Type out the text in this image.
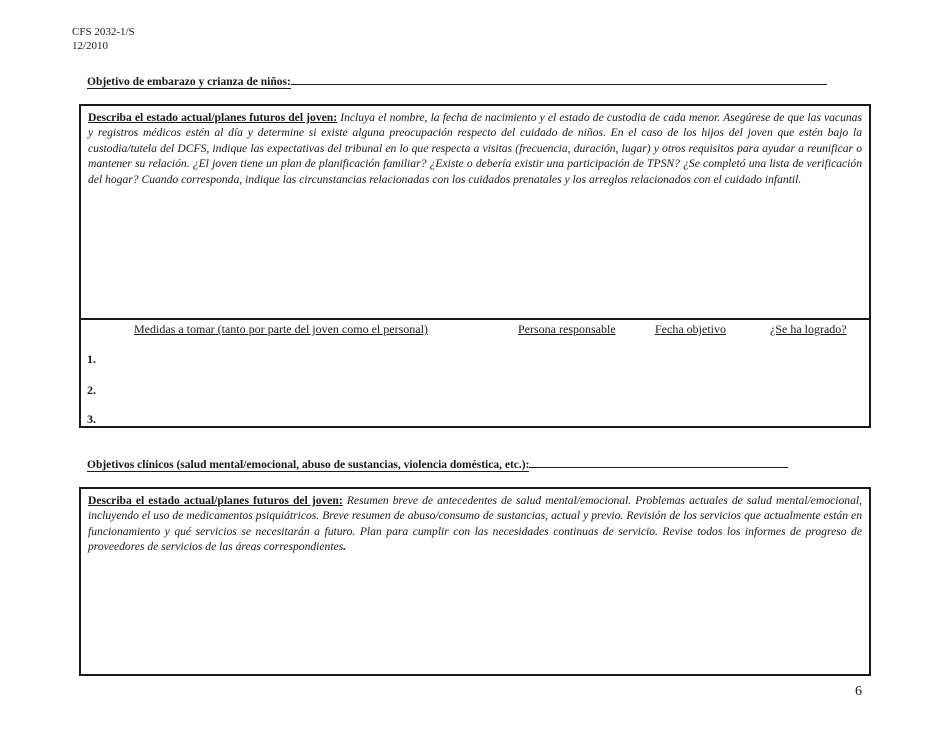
CFS 2032-1/S
12/2010
Objetivo de embarazo y crianza de niños:
Describa el estado actual/planes futuros del joven: Incluya el nombre, la fecha de nacimiento y el estado de custodia de cada menor. Asegúrese de que las vacunas y registros médicos estén al día y determine si existe alguna preocupación respecto del cuidado de niños. En el caso de los hijos del joven que estén bajo la custodia/tutela del DCFS, indique las expectativas del tribunal en lo que respecta a visitas (frecuencia, duración, lugar) y otros requisitos para ayudar a reunificar o mantener su relación. ¿El joven tiene un plan de planificación familiar? ¿Existe o debería existir una participación de TPSN? ¿Se completó una lista de verificación del hogar? Cuando corresponda, indique las circunstancias relacionadas con los cuidados prenatales y los arreglos relacionados con el cuidado infantil.
Medidas a tomar (tanto por parte del joven como el personal)	Persona responsable	Fecha objetivo	¿Se ha logrado?
1.
2.
3.
Objetivos clínicos (salud mental/emocional, abuso de sustancias, violencia doméstica, etc.):
Describa el estado actual/planes futuros del joven: Resumen breve de antecedentes de salud mental/emocional. Problemas actuales de salud mental/emocional, incluyendo el uso de medicamentos psiquiátricos. Breve resumen de abuso/consumo de sustancias, actual y previo. Revisión de los servicios que actualmente están en funcionamiento y qué servicios se necesitarán a futuro. Plan para cumplir con las necesidades continuas de servicio. Revise todos los informes de progreso de proveedores de servicios de las áreas correspondientes.
6
